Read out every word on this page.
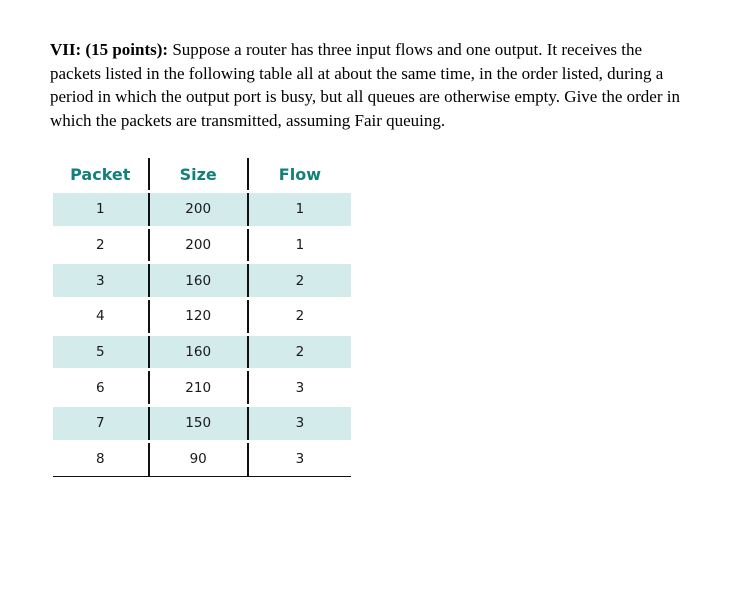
VII: (15 points): Suppose a router has three input flows and one output. It receives the packets listed in the following table all at about the same time, in the order listed, during a period in which the output port is busy, but all queues are otherwise empty. Give the order in which the packets are transmitted, assuming Fair queuing.

Packet	Size	Flow
1	200	1
2	200	1
3	160	2
4	120	2
5	160	2
6	210	3
7	150	3
8	90	3
